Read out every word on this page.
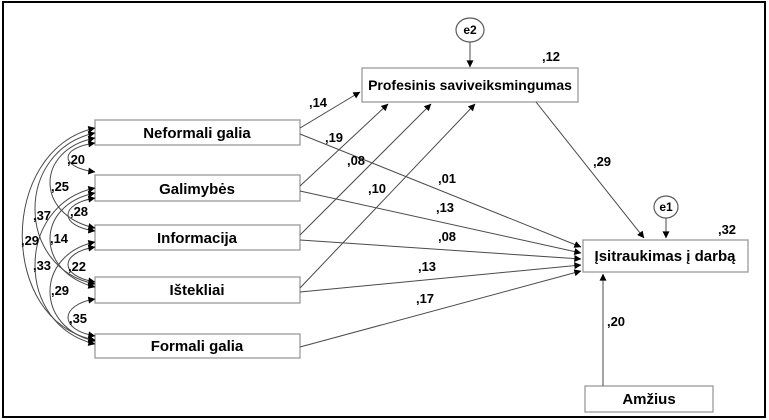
Neformali galia
Galimybės
Informacija
Ištekliai
Formali galia
Profesinis saviveiksmingumas
Įsitraukimas į darbą
Amžius
e2
e1
,12
,32
,14
,19
,08
,10
,01
,13
,08
,13
,17
,29
,20
,20
,25
,37
,29
,28
,14
,33 ,22
,29
,35
